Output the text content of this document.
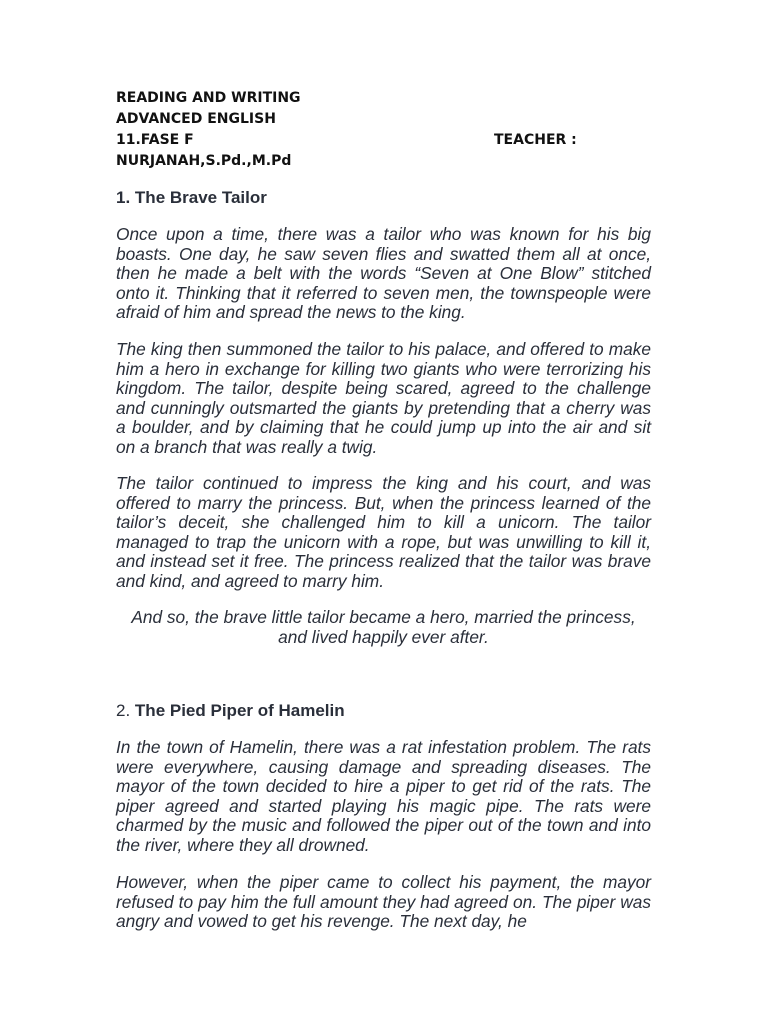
READING AND WRITING
ADVANCED ENGLISH
11.FASE F	TEACHER :
NURJANAH,S.Pd.,M.Pd
1. The Brave Tailor

Once upon a time, there was a tailor who was known for his big boasts. One day, he saw seven flies and swatted them all at once, then he made a belt with the words “Seven at One Blow” stitched onto it. Thinking that it referred to seven men, the townspeople were afraid of him and spread the news to the king.

The king then summoned the tailor to his palace, and offered to make him a hero in exchange for killing two giants who were terrorizing his kingdom. The tailor, despite being scared, agreed to the challenge and cunningly outsmarted the giants by pretending that a cherry was a boulder, and by claiming that he could jump up into the air and sit on a branch that was really a twig.

The tailor continued to impress the king and his court, and was offered to marry the princess. But, when the princess learned of the tailor’s deceit, she challenged him to kill a unicorn. The tailor managed to trap the unicorn with a rope, but was unwilling to kill it, and instead set it free. The princess realized that the tailor was brave and kind, and agreed to marry him.

And so, the brave little tailor became a hero, married the princess, and lived happily ever after.

2. The Pied Piper of Hamelin

In the town of Hamelin, there was a rat infestation problem. The rats were everywhere, causing damage and spreading diseases. The mayor of the town decided to hire a piper to get rid of the rats. The piper agreed and started playing his magic pipe. The rats were charmed by the music and followed the piper out of the town and into the river, where they all drowned.

However, when the piper came to collect his payment, the mayor refused to pay him the full amount they had agreed on. The piper was angry and vowed to get his revenge. The next day, he
